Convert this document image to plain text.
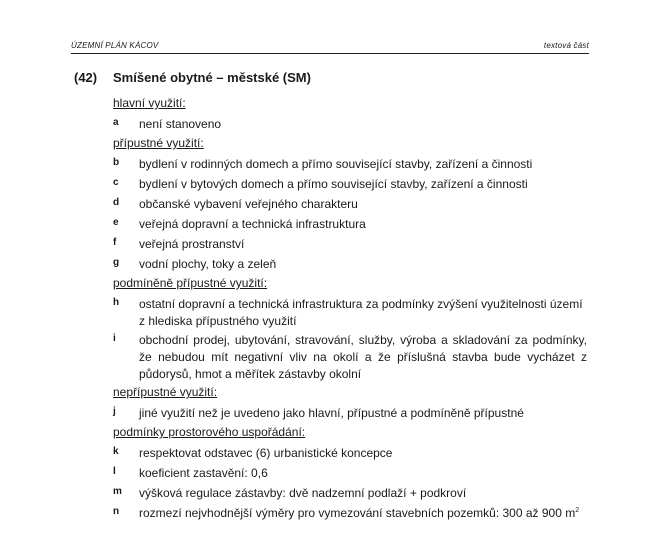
ÚZEMNÍ PLÁN KÁCOV	textová část
(42) Smíšené obytné – městské (SM)
hlavní využití:
a není stanoveno
přípustné využití:
b bydlení v rodinných domech a přímo související stavby, zařízení a činnosti
c bydlení v bytových domech a přímo související stavby, zařízení a činnosti
d občanské vybavení veřejného charakteru
e veřejná dopravní a technická infrastruktura
f veřejná prostranství
g vodní plochy, toky a zeleň
podmíněně přípustné využití:
h ostatní dopravní a technická infrastruktura za podmínky zvýšení využitelnosti území z hlediska přípustného využití
i obchodní prodej, ubytování, stravování, služby, výroba a skladování za podmínky, že nebudou mít negativní vliv na okolí a že příslušná stavba bude vycházet z půdorysů, hmot a měřítek zástavby okolní
nepřípustné využití:
j jiné využití než je uvedeno jako hlavní, přípustné a podmíněně přípustné
podmínky prostorového uspořádání:
k respektovat odstavec (6) urbanistické koncepce
l koeficient zastavění: 0,6
m výšková regulace zástavby: dvě nadzemní podlaží + podkroví
n rozmezí nejvhodnější výměry pro vymezování stavebních pozemků: 300 až 900 $m^2$
